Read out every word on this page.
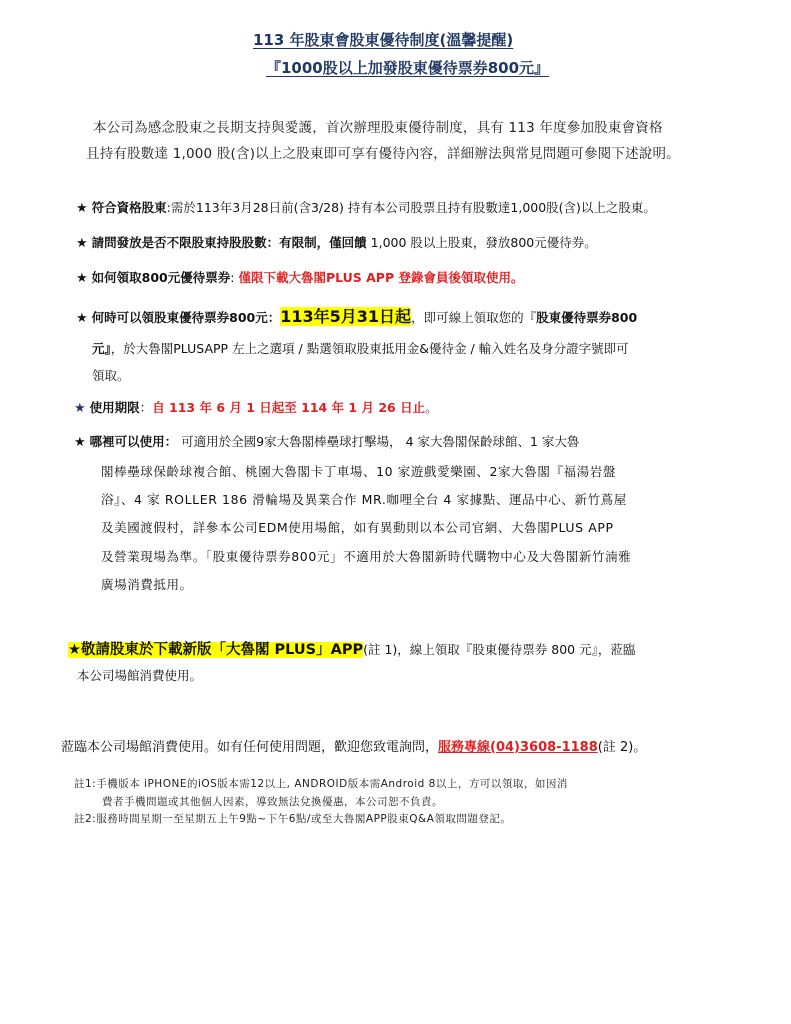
113 年股東會股東優待制度(溫馨提醒)
『1000股以上加發股東優待票券800元』
本公司為感念股東之長期支持與愛護，首次辦理股東優待制度，具有 113 年度參加股東會資格
且持有股數達 1,000 股(含)以上之股東即可享有優待內容，詳細辦法與常見問題可參閱下述說明。
★ 符合資格股東:需於113年3月28日前(含3/28) 持有本公司股票且持有股數達1,000股(含)以上之股東。
★ 請問發放是否不限股東持股股數：有限制，僅回饋 1,000 股以上股東，發放800元優待券。
★ 如何領取800元優待票券: 僅限下載大魯閣PLUS APP 登錄會員後領取使用。
★ 何時可以領股東優待票券800元：113年5月31日起，即可線上領取您的『股東優待票券800
元』，於大魯閣PLUSAPP 左上之選項 / 點選領取股東抵用金&優待金 / 輸入姓名及身分證字號即可
領取。
★ 使用期限：自 113 年 6 月 1 日起至 114 年 1 月 26 日止。
★ 哪裡可以使用： 可適用於全國9家大魯閣棒壘球打擊場， 4 家大魯閣保齡球館、1 家大魯
閣棒壘球保齡球複合館、桃園大魯閣卡丁車場、10 家遊戲愛樂園、2家大魯閣『福湯岩盤
浴』、4 家 ROLLER 186 滑輪場及異業合作 MR.咖哩全台 4 家據點、運品中心、新竹蔦屋
及美國渡假村，詳參本公司EDM使用場館，如有異動則以本公司官網、大魯閣PLUS APP
及營業現場為準。「股東優待票券800元」不適用於大魯閣新時代購物中心及大魯閣新竹湳雅
廣場消費抵用。
★敬請股東於下載新版「大魯閣 PLUS」APP(註 1)，線上領取『股東優待票券 800 元』，蒞臨
本公司場館消費使用。
蒞臨本公司場館消費使用。如有任何使用問題，歡迎您致電詢問，服務專線(04)3608-1188(註 2)。
註1:手機版本 iPHONE的iOS版本需12以上, ANDROID版本需Android 8以上，方可以領取，如因消
費者手機問題或其他個人因素，導致無法兌換優惠，本公司恕不負責。
註2:服務時間星期一至星期五上午9點~下午6點/或至大魯閣APP股東Q&A領取問題登記。
